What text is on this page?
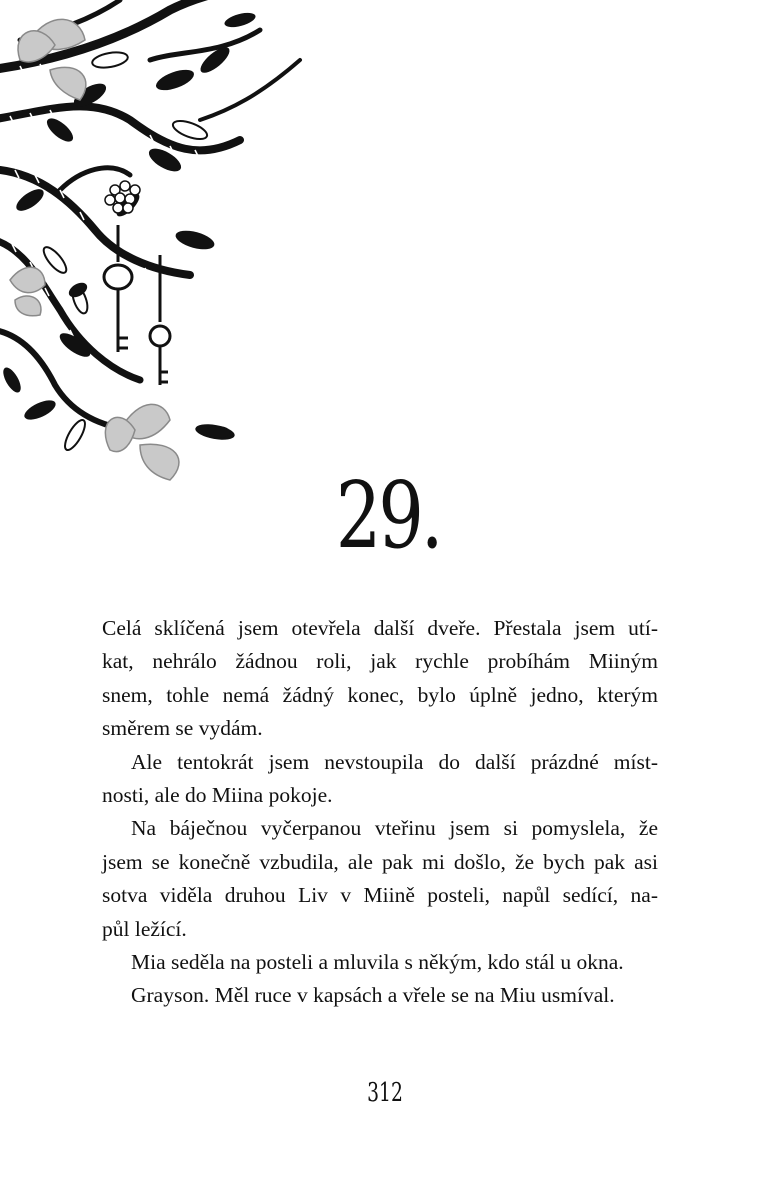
29.

Celá sklíčená jsem otevřela další dveře. Přestala jsem utí-
kat, nehrálo žádnou roli, jak rychle probíhám Miiným
snem, tohle nemá žádný konec, bylo úplně jedno, kterým
směrem se vydám.

Ale tentokrát jsem nevstoupila do další prázdné míst-
nosti, ale do Miina pokoje.

Na báječnou vyčerpanou vteřinu jsem si pomyslela, že
jsem se konečně vzbudila, ale pak mi došlo, že bych pak asi
sotva viděla druhou Liv v Miině posteli, napůl sedící, na-
půl ležící.

Mia seděla na posteli a mluvila s někým, kdo stál u okna.

Grayson. Měl ruce v kapsách a vřele se na Miu usmíval.

312
